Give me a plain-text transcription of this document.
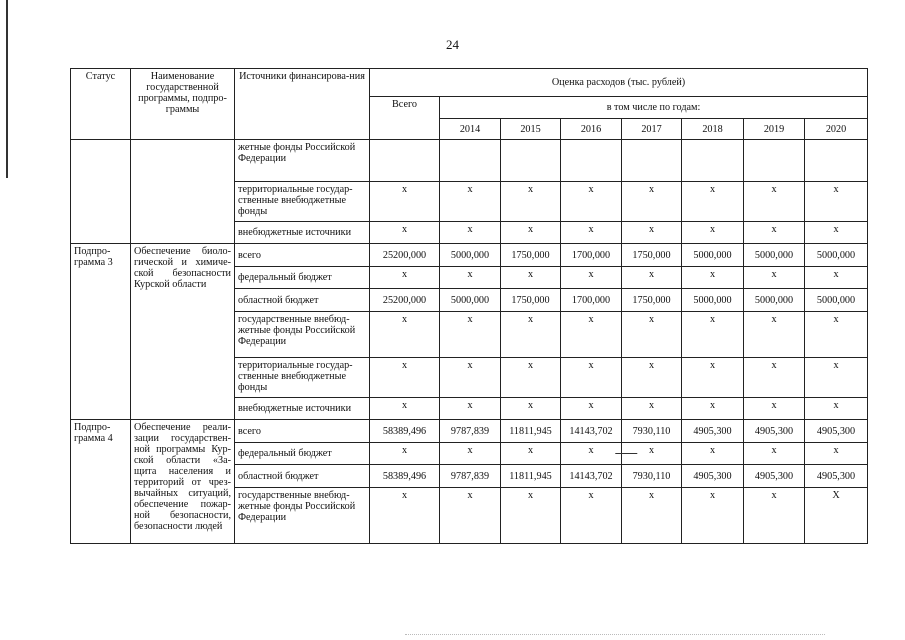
24
Статус	Наименование государственной программы, подпро-граммы	Источники финансирова-ния	Оценка расходов (тыс. рублей)							
			Всего	в том числе по годам:						
				2014	2015	2016	2017	2018	2019	2020
		жетные фонды Российской Федерации								
		территориальные государ-ственные внебюджетные фонды	х	х	х	х	х	х	х	х
		внебюджетные источники	х	х	х	х	х	х	х	х
Подпро-грамма 3	Обеспечение биоло-гической и химиче-ской безопасности Курской области	всего	25200,000	5000,000	1750,000	1700,000	1750,000	5000,000	5000,000	5000,000
		федеральный бюджет	х	х	х	х	х	х	х	х
		областной бюджет	25200,000	5000,000	1750,000	1700,000	1750,000	5000,000	5000,000	5000,000
		государственные внебюд-жетные фонды Российской Федерации	х	х	х	х	х	х	х	х
		территориальные государ-ственные внебюджетные фонды	х	х	х	х	х	х	х	х
		внебюджетные источники	х	х	х	х	х	х	х	х
Подпро-грамма 4	Обеспечение реали-зации государствен-ной программы Кур-ской области «За-щита населения и территорий от чрез-вычайных ситуаций, обеспечение пожар-ной безопасности, безопасности людей	всего	58389,496	9787,839	11811,945	14143,702	7930,110	4905,300	4905,300	4905,300
		федеральный бюджет	х	х	х	х	х	х	х	х
		областной бюджет	58389,496	9787,839	11811,945	14143,702	7930,110	4905,300	4905,300	4905,300
		государственные внебюд-жетные фонды Российской Федерации	х	х	х	х	х	х	х	Х
